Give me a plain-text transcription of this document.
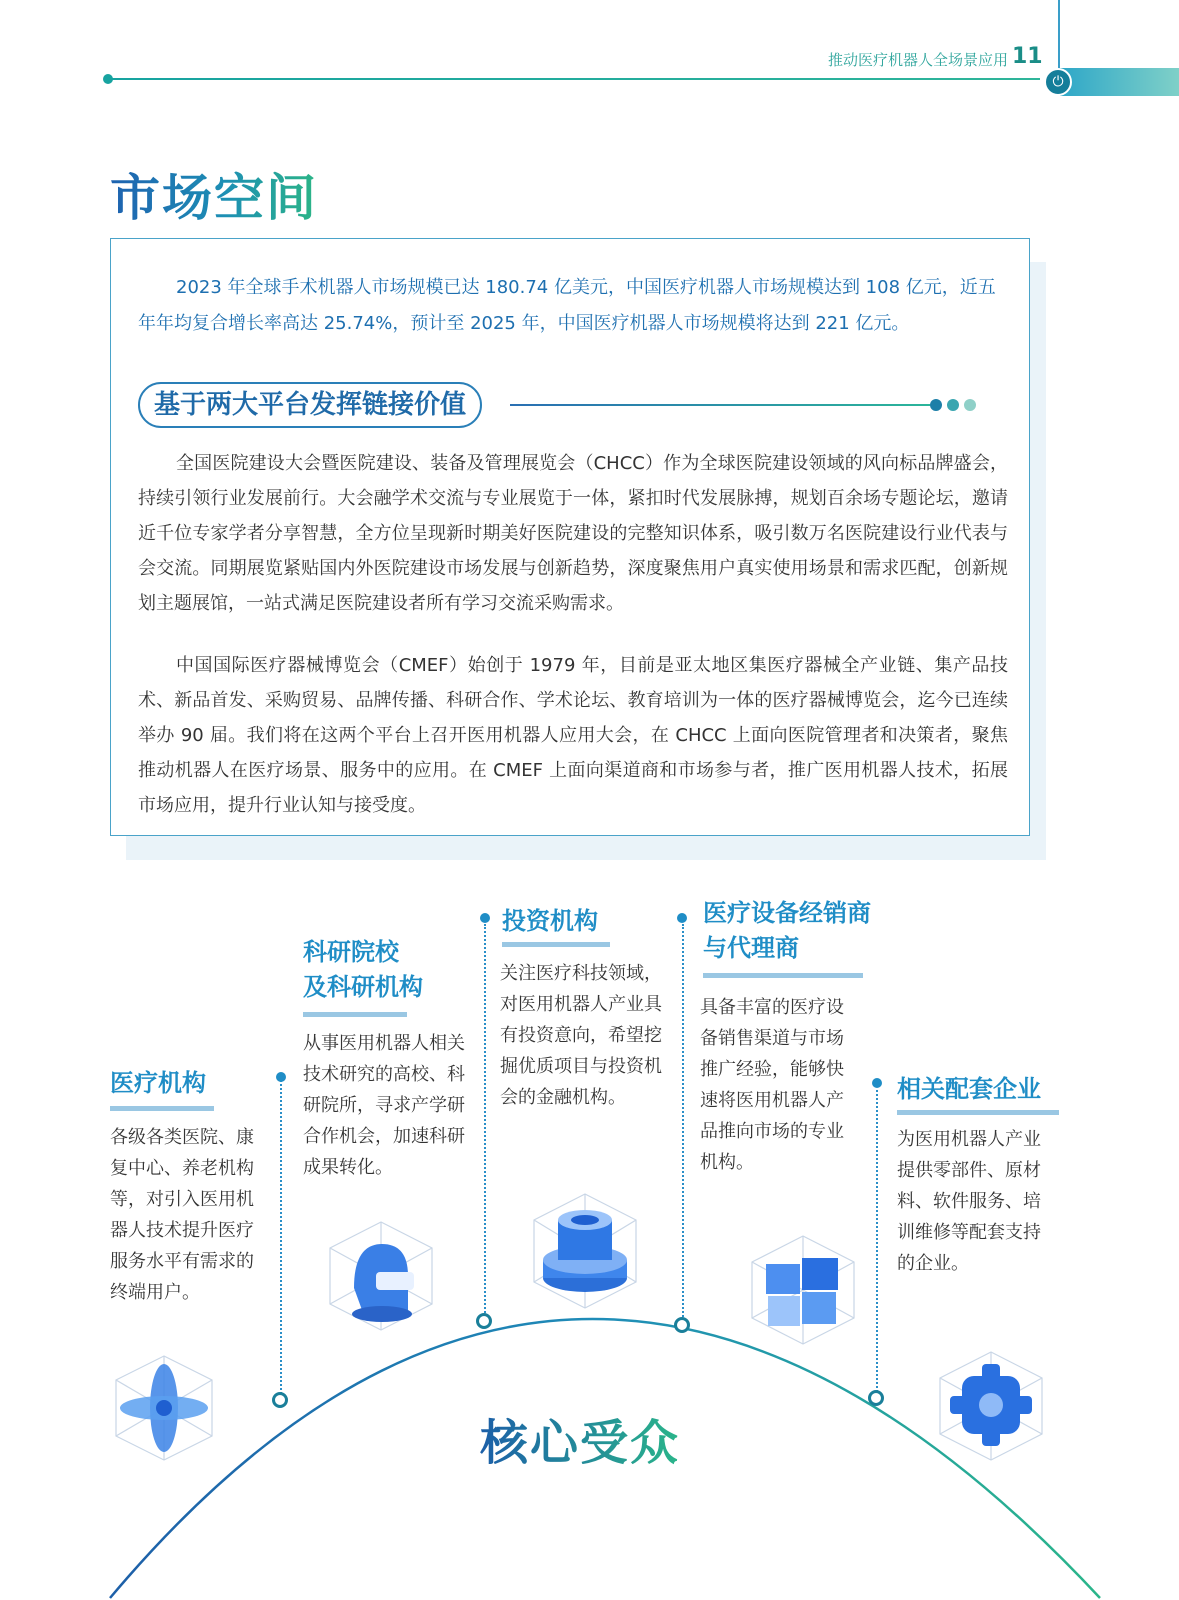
推动医疗机器人全场景应用 11
⏻
市场空间
2023 年全球手术机器人市场规模已达 180.74 亿美元，中国医疗机器人市场规模达到 108 亿元，近五年年均复合增长率高达 25.74%，预计至 2025 年，中国医疗机器人市场规模将达到 221 亿元。
基于两大平台发挥链接价值
全国医院建设大会暨医院建设、装备及管理展览会（CHCC）作为全球医院建设领域的风向标品牌盛会，持续引领行业发展前行。大会融学术交流与专业展览于一体，紧扣时代发展脉搏，规划百余场专题论坛，邀请近千位专家学者分享智慧，全方位呈现新时期美好医院建设的完整知识体系，吸引数万名医院建设行业代表与会交流。同期展览紧贴国内外医院建设市场发展与创新趋势，深度聚焦用户真实使用场景和需求匹配，创新规划主题展馆，一站式满足医院建设者所有学习交流采购需求。
中国国际医疗器械博览会（CMEF）始创于 1979 年，目前是亚太地区集医疗器械全产业链、集产品技术、新品首发、采购贸易、品牌传播、科研合作、学术论坛、教育培训为一体的医疗器械博览会，迄今已连续举办 90 届。我们将在这两个平台上召开医用机器人应用大会，在 CHCC 上面向医院管理者和决策者，聚焦推动机器人在医疗场景、服务中的应用。在 CMEF 上面向渠道商和市场参与者，推广医用机器人技术，拓展市场应用，提升行业认知与接受度。
医疗机构
各级各类医院、康复中心、养老机构等，对引入医用机器人技术提升医疗服务水平有需求的终端用户。
科研院校
及科研机构
从事医用机器人相关技术研究的高校、科研院所，寻求产学研合作机会，加速科研成果转化。
投资机构
关注医疗科技领域，对医用机器人产业具有投资意向，希望挖掘优质项目与投资机会的金融机构。
医疗设备经销商
与代理商
具备丰富的医疗设备销售渠道与市场推广经验，能够快速将医用机器人产品推向市场的专业机构。
相关配套企业
为医用机器人产业提供零部件、原材料、软件服务、培训维修等配套支持的企业。
核心受众
